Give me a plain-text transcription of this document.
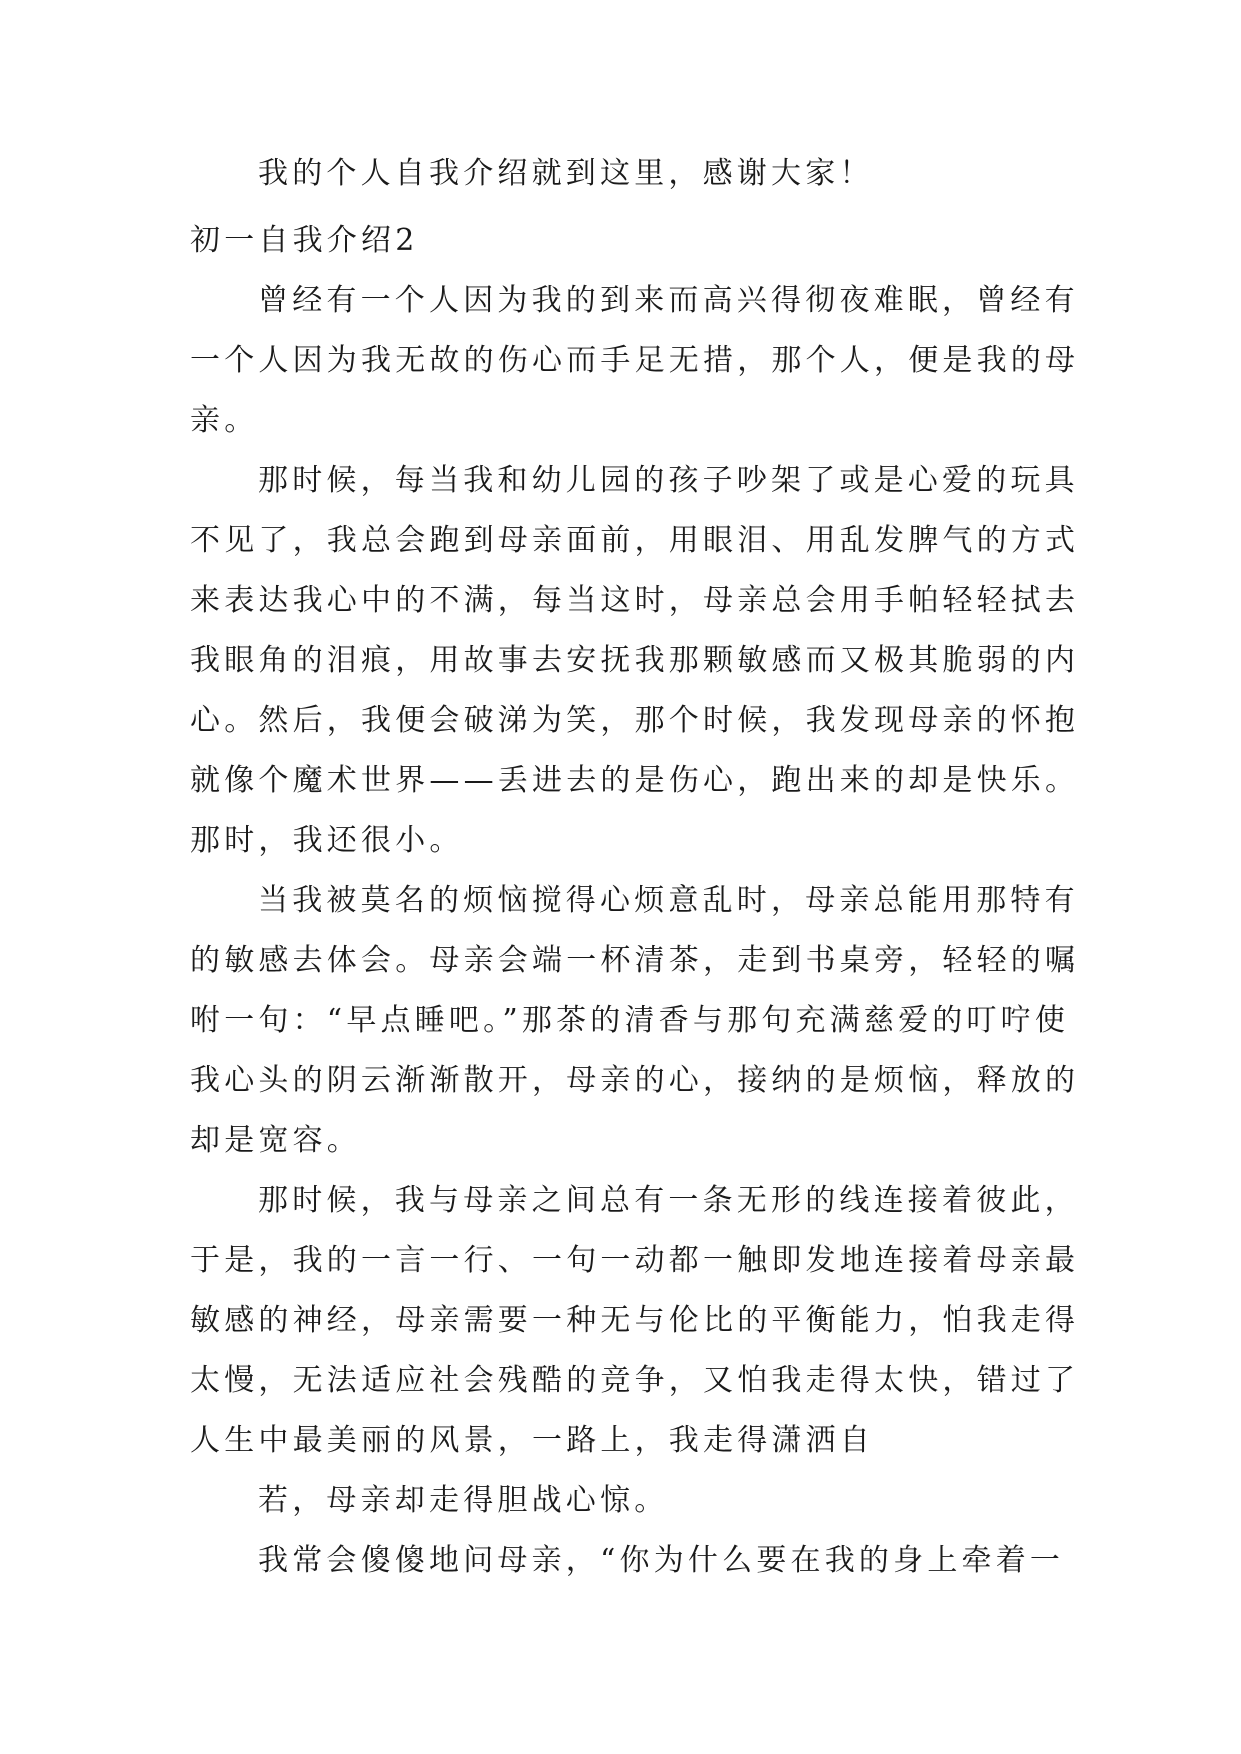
我的个人自我介绍就到这里，感谢大家！
初一自我介绍2
曾经有一个人因为我的到来而高兴得彻夜难眠，曾经有
一个人因为我无故的伤心而手足无措，那个人，便是我的母
亲。
那时候，每当我和幼儿园的孩子吵架了或是心爱的玩具
不见了，我总会跑到母亲面前，用眼泪、用乱发脾气的方式
来表达我心中的不满，每当这时，母亲总会用手帕轻轻拭去
我眼角的泪痕，用故事去安抚我那颗敏感而又极其脆弱的内
心。然后，我便会破涕为笑，那个时候，我发现母亲的怀抱
就像个魔术世界——丢进去的是伤心，跑出来的却是快乐。
那时，我还很小。
当我被莫名的烦恼搅得心烦意乱时，母亲总能用那特有
的敏感去体会。母亲会端一杯清茶，走到书桌旁，轻轻的嘱
咐一句：“早点睡吧。”那茶的清香与那句充满慈爱的叮咛使
我心头的阴云渐渐散开，母亲的心，接纳的是烦恼，释放的
却是宽容。
那时候，我与母亲之间总有一条无形的线连接着彼此，
于是，我的一言一行、一句一动都一触即发地连接着母亲最
敏感的神经，母亲需要一种无与伦比的平衡能力，怕我走得
太慢，无法适应社会残酷的竞争，又怕我走得太快，错过了
人生中最美丽的风景，一路上，我走得潇洒自
若，母亲却走得胆战心惊。
我常会傻傻地问母亲，“你为什么要在我的身上牵着一
